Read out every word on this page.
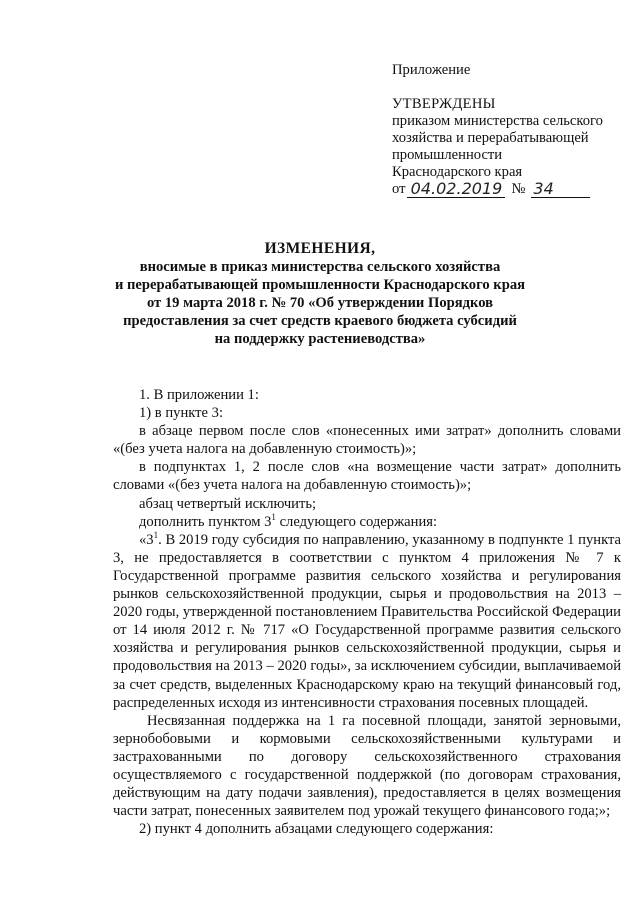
Приложение
УТВЕРЖДЕНЫ
приказом министерства сельского
хозяйства и перерабатывающей
промышленности
Краснодарского края
от 04.02.2019 № 34
ИЗМЕНЕНИЯ,
вносимые в приказ министерства сельского хозяйства
и перерабатывающей промышленности Краснодарского края
от 19 марта 2018 г. № 70 «Об утверждении Порядков
предоставления за счет средств краевого бюджета субсидий
на поддержку растениеводства»

1. В приложении 1:

1) в пункте 3:

в абзаце первом после слов «понесенных ими затрат» дополнить словами «(без учета налога на добавленную стоимость)»;

в подпунктах 1, 2 после слов «на возмещение части затрат» дополнить словами «(без учета налога на добавленную стоимость)»;

абзац четвертый исключить;

дополнить пунктом $3^1$ следующего содержания:

«$3^1$. В 2019 году субсидия по направлению, указанному в подпункте 1 пункта 3, не предоставляется в соответствии с пунктом 4 приложения № 7 к Государственной программе развития сельского хозяйства и регулирования рынков сельскохозяйственной продукции, сырья и продовольствия на 2013 – 2020 годы, утвержденной постановлением Правительства Российской Федерации от 14 июля 2012 г. № 717 «О Государственной программе развития сельского хозяйства и регулирования рынков сельскохозяйственной продукции, сырья и продовольствия на 2013 – 2020 годы», за исключением субсидии, выплачиваемой за счет средств, выделенных Краснодарскому краю на текущий финансовый год, распределенных исходя из интенсивности страхования посевных площадей.

Несвязанная поддержка на 1 га посевной площади, занятой зерновыми, зернобобовыми и кормовыми сельскохозяйственными культурами и застрахованными по договору сельскохозяйственного страхования осуществляемого с государственной поддержкой (по договорам страхования, действующим на дату подачи заявления), предоставляется в целях возмещения части затрат, понесенных заявителем под урожай текущего финансового года;»;

2) пункт 4 дополнить абзацами следующего содержания:
